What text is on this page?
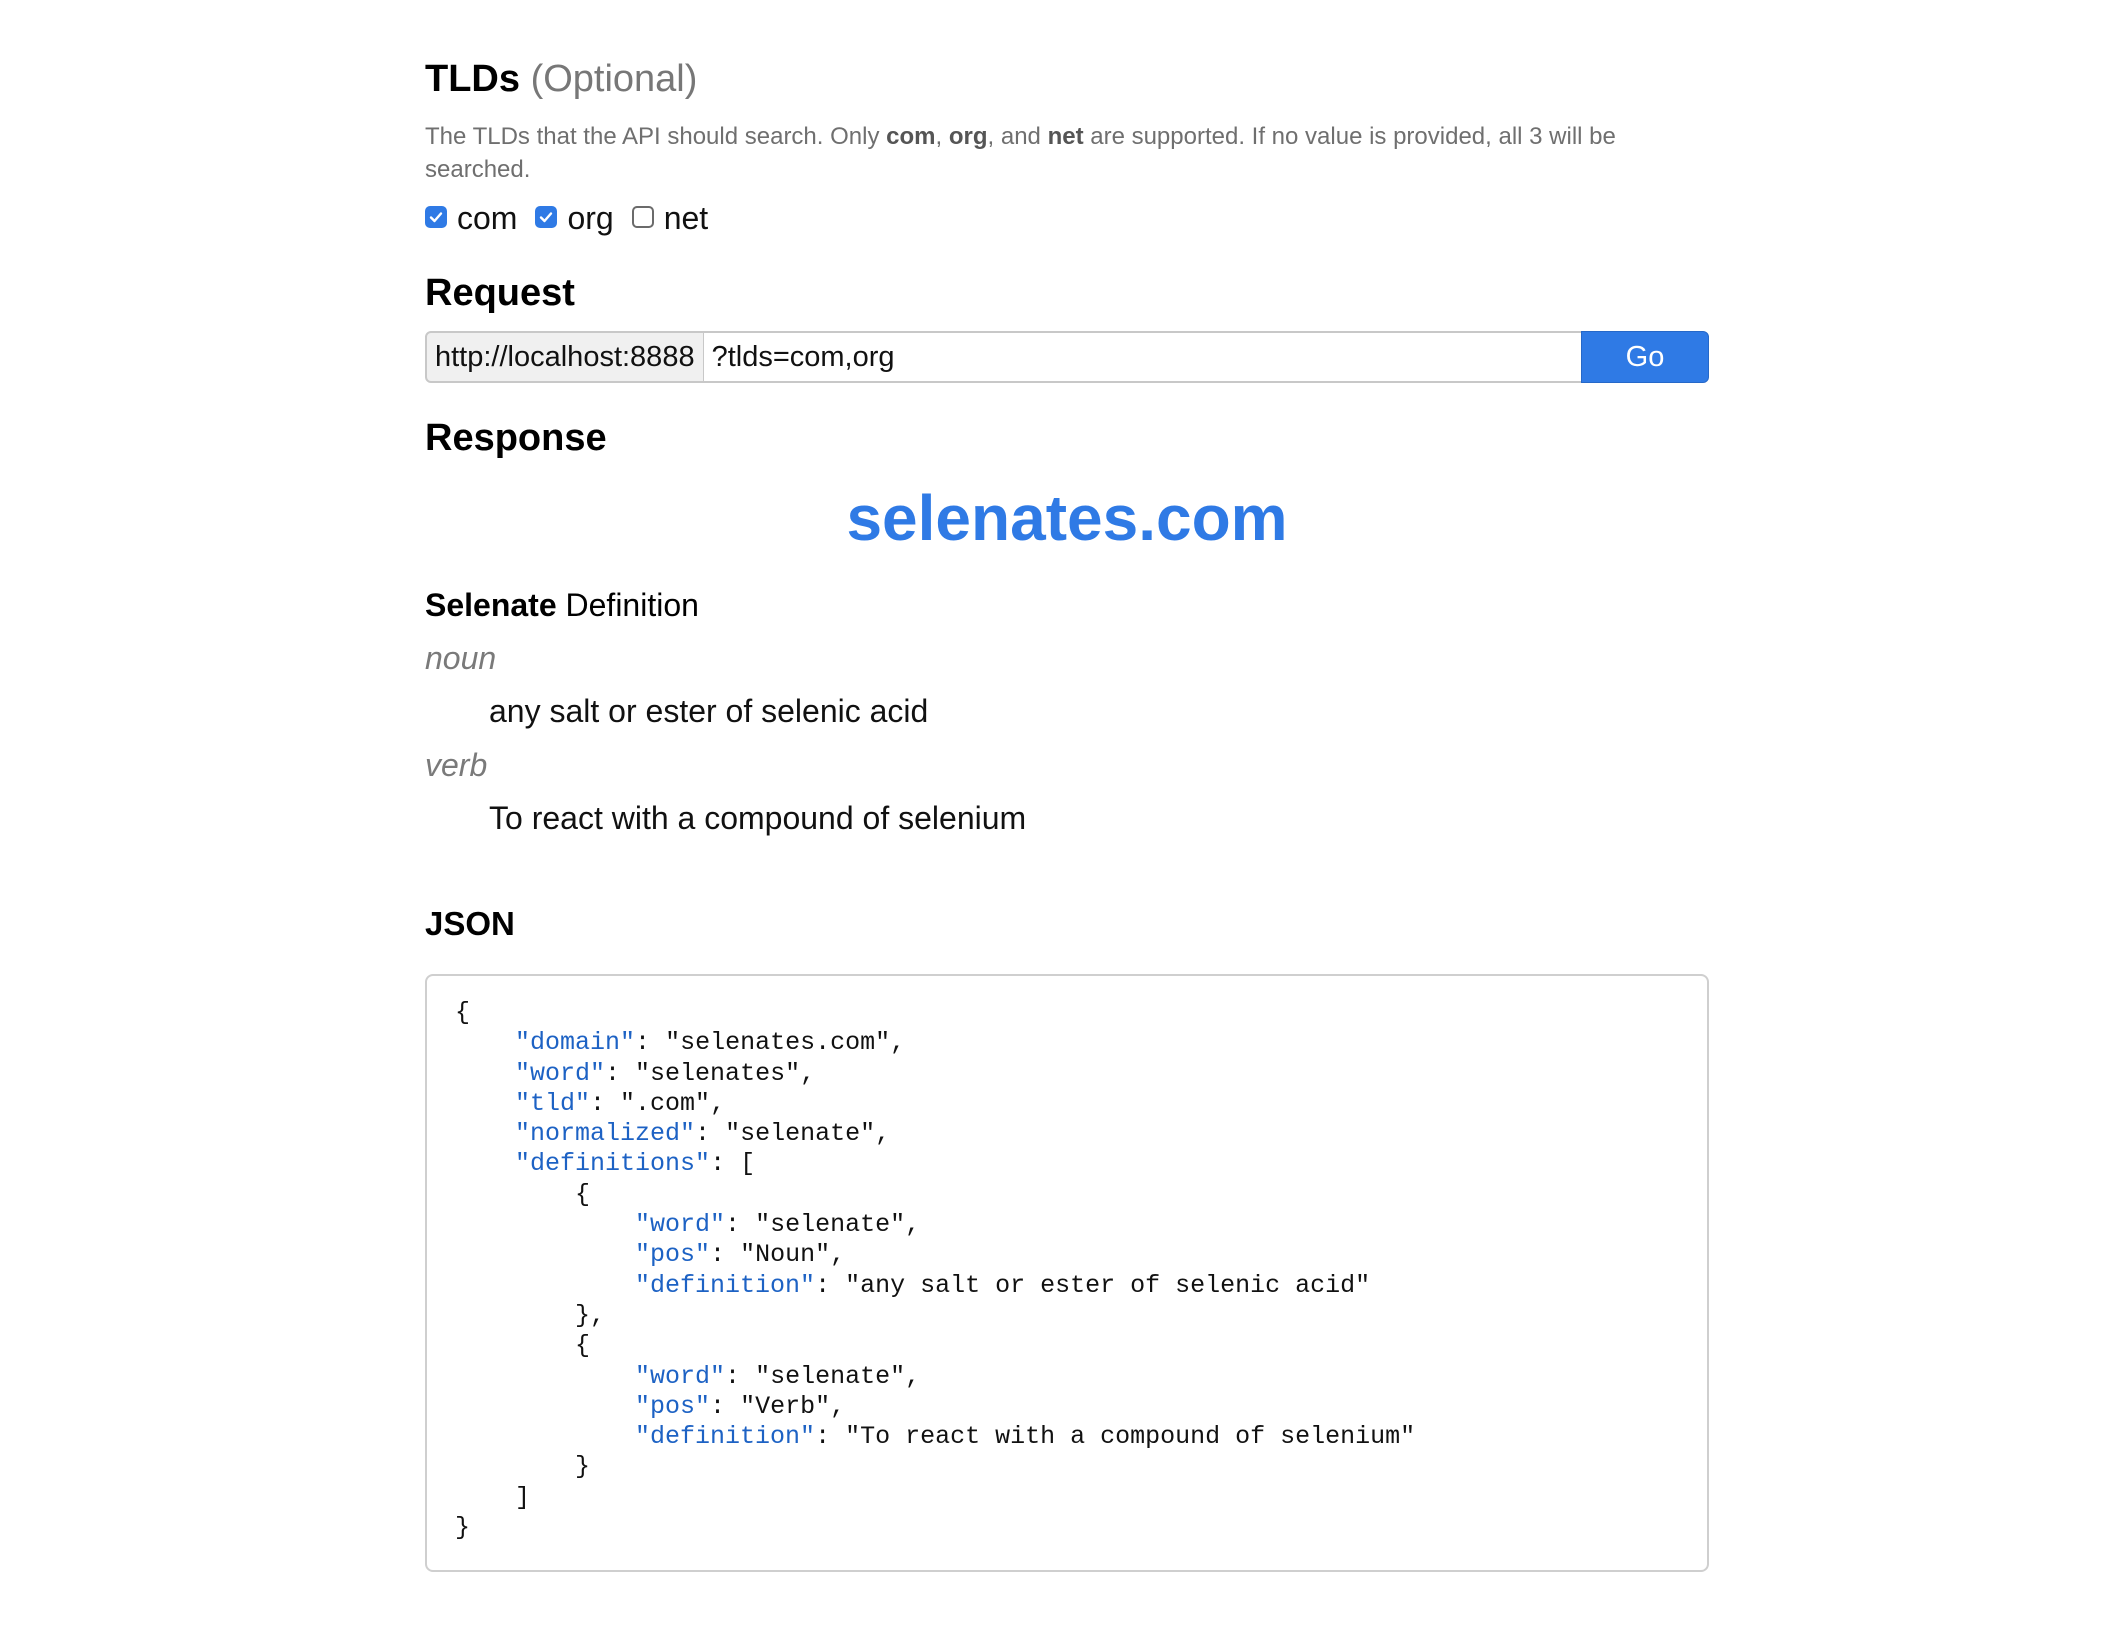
TLDs (Optional)
The TLDs that the API should search. Only com, org, and net are supported. If no value is provided, all 3 will be searched.
com org net
Request
http://localhost:8888
?tlds=com,org	Go
Response
selenates.com
Selenate Definition
noun
any salt or ester of selenic acid
verb
To react with a compound of selenium
JSON
{
"domain": "selenates.com",
"word": "selenates",
"tld": ".com",
"normalized": "selenate",
"definitions": [
{
"word": "selenate",
"pos": "Noun",
"definition": "any salt or ester of selenic acid"
},
{
"word": "selenate",
"pos": "Verb",
"definition": "To react with a compound of selenium"
}
]
}
